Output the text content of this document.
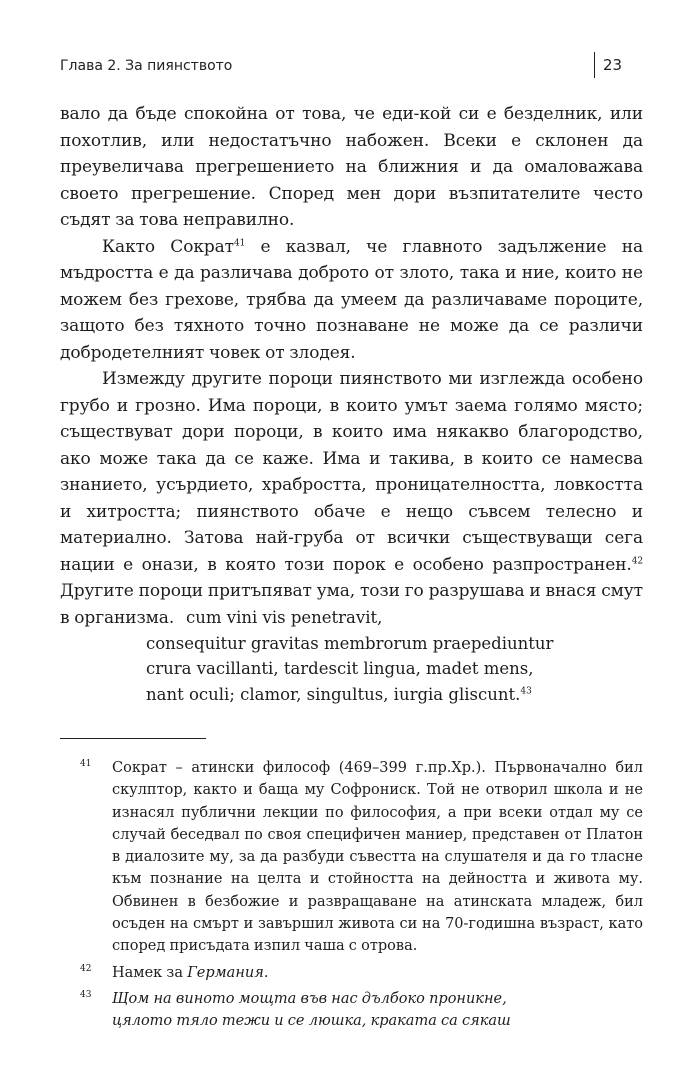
Глава 2. За пиянството	23

вало да бъде спокойна от това, че еди-кой си е безделник, или похотлив, или недостатъчно набожен. Всеки е склонен да преувеличава прегрешението на ближния и да омаловажава своето прегрешение. Според мен дори възпитателите често съдят за това неправилно.

Както Сократ$^{41}$ е казвал, че главното задължение на мъдростта е да различава доброто от злото, така и ние, които не можем без грехове, трябва да умеем да различаваме пороците, защото без тяхното точно познаване не може да се различи добродетелният човек от злодея.

Измежду другите пороци пиянството ми изглежда особено грубо и грозно. Има пороци, в които умът заема голямо място; съществуват дори пороци, в които има някакво благородство, ако може така да се каже. Има и такива, в които се намесва знанието, усърдието, храбростта, проницателността, ловкостта и хитростта; пиянството обаче е нещо съвсем телесно и материално. Затова най-груба от всички съществуващи сега нации е онази, в която този порок е особено разпространен.$^{42}$ Другите пороци притъпяват ума, този го разрушава и внася смут в организма. cum vini vis penetravit,
consequitur gravitas membrorum praepediuntur
crura vacillanti, tardescit lingua, madet mens,
nant oculi; clamor, singultus, iurgia gliscunt.$^{43}$
41 Сократ – атински философ (469–399 г.пр.Хр.). Първоначално бил скулптор, както и баща му Софрониск. Той не отворил школа и не изнасял публични лекции по философия, а при всеки отдал му се случай беседвал по своя специфичен маниер, представен от Платон в диалозите му, за да разбуди съвестта на слушателя и да го тласне към познание на целта и стойността на дейността и живота му. Обвинен в безбожие и развращаване на атинската младеж, бил осъден на смърт и завършил живота си на 70-годишна възраст, като според присъдата изпил чаша с отрова.
42 Намек за Германия.
43 Щом на виното мощта във нас дълбоко проникне,
цялото тяло тежи и се люшка, краката са сякаш
